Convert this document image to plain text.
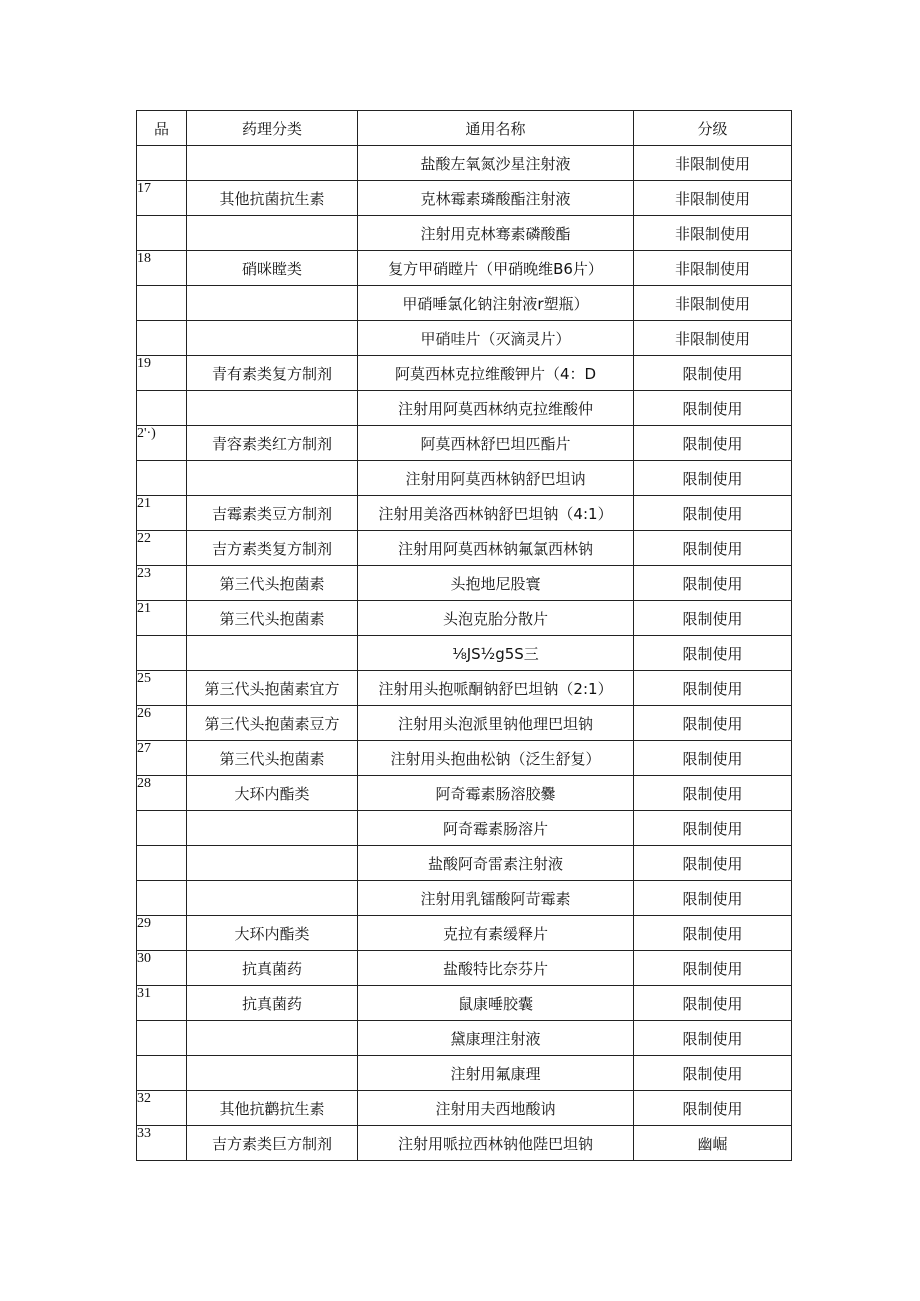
品	药理分类	通用名称	分级
		盐酸左氧氮沙星注射液	非限制使用
17	其他抗菌抗生素	克林霉素璘酸酯注射液	非限制使用
		注射用克林骞素磷酸酯	非限制使用
18	硝咪瞠类	复方甲硝瞠片（甲硝晚维B6片）	非限制使用
		甲硝唾氯化钠注射液r塑瓶）	非限制使用
		甲硝哇片（灭滴灵片）	非限制使用
19	青有素类复方制剂	阿莫西林克拉维酸钾片（4：D	限制使用
		注射用阿莫西林纳克拉维酸仲	限制使用
2'·)	青容素类红方制剂	阿莫西林舒巴坦匹酯片	限制使用
		注射用阿莫西林钠舒巴坦讷	限制使用
21	吉霉素类豆方制剂	注射用美洛西林钠舒巴坦钠（4:1）	限制使用
22	吉方素类复方制剂	注射用阿莫西林钠氟氯西林钠	限制使用
23	第三代头抱菌素	头抱地尼股寰	限制使用
21	第三代头抱菌素	头泡克胎分散片	限制使用
		⅛JS½g5S三	限制使用
25	第三代头抱菌素宜方	注射用头抱哌酮钠舒巴坦钠（2:1）	限制使用
26	第三代头抱菌素豆方	注射用头泡派里钠他理巴坦钠	限制使用
27	第三代头抱菌素	注射用头抱曲松钠（泛生舒复）	限制使用
28	大环内酯类	阿奇霉素肠溶胶爨	限制使用
		阿奇霉素肠溶片	限制使用
		盐酸阿奇雷素注射液	限制使用
		注射用乳镭酸阿苛霉素	限制使用
29	大环内酯类	克拉有素缓释片	限制使用
30	抗真菌药	盐酸特比奈芬片	限制使用
31	抗真菌药	鼠康唾胶囊	限制使用
		黛康理注射液	限制使用
		注射用氟康理	限制使用
32	其他抗鹳抗生素	注射用夫西地酸讷	限制使用
33	吉方素类巨方制剂	注射用哌拉西林钠他陛巴坦钠	幽崛
